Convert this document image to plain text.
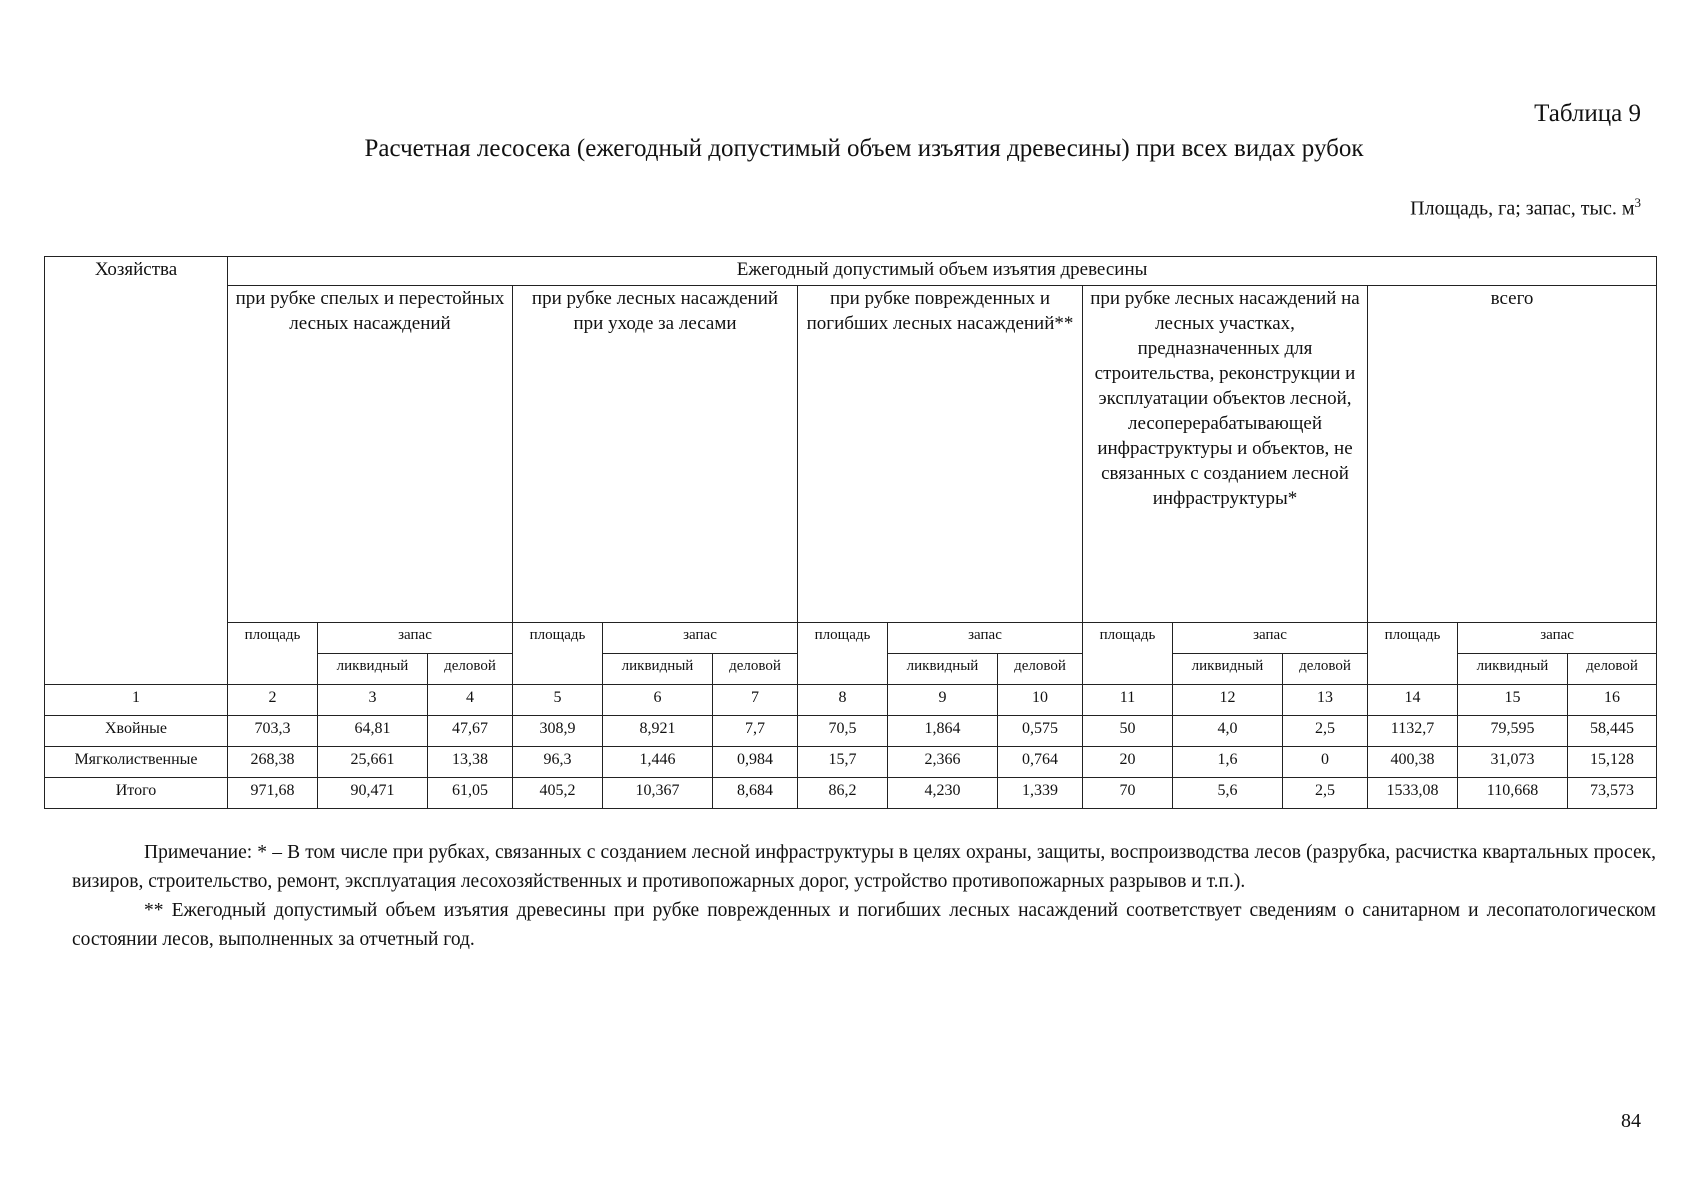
Таблица 9
Расчетная лесосека (ежегодный допустимый объем изъятия древесины) при всех видах рубок
Площадь, га; запас, тыс. $м^3$
Хозяйства	Ежегодный допустимый объем изъятия древесины														
	при рубке спелых и перестойных лесных насаждений			при рубке лесных насаждений при уходе за лесами			при рубке поврежденных и погибших лесных насаждений**			при рубке лесных насаждений на лесных участках, предназначенных для строительства, реконструкции и эксплуатации объектов лесной, лесоперерабатывающей инфраструктуры и объектов, не связанных с созданием лесной инфраструктуры*			всего		
	площадь	запас		площадь	запас		площадь	запас		площадь	запас		площадь	запас	
		ликвидный	деловой		ликвидный	деловой		ликвидный	деловой		ликвидный	деловой		ликвидный	деловой
1	2	3	4	5	6	7	8	9	10	11	12	13	14	15	16
Хвойные	703,3	64,81	47,67	308,9	8,921	7,7	70,5	1,864	0,575	50	4,0	2,5	1132,7	79,595	58,445
Мягколиственные	268,38	25,661	13,38	96,3	1,446	0,984	15,7	2,366	0,764	20	1,6	0	400,38	31,073	15,128
Итого	971,68	90,471	61,05	405,2	10,367	8,684	86,2	4,230	1,339	70	5,6	2,5	1533,08	110,668	73,573

Примечание: * – В том числе при рубках, связанных с созданием лесной инфраструктуры в целях охраны, защиты, воспроизводства лесов (разрубка, расчистка квартальных просек, визиров, строительство, ремонт, эксплуатация лесохозяйственных и противопожарных дорог, устройство противопожарных разрывов и т.п.).

** Ежегодный допустимый объем изъятия древесины при рубке поврежденных и погибших лесных насаждений соответствует сведениям о санитарном и лесопатологическом состоянии лесов, выполненных за отчетный год.

84
